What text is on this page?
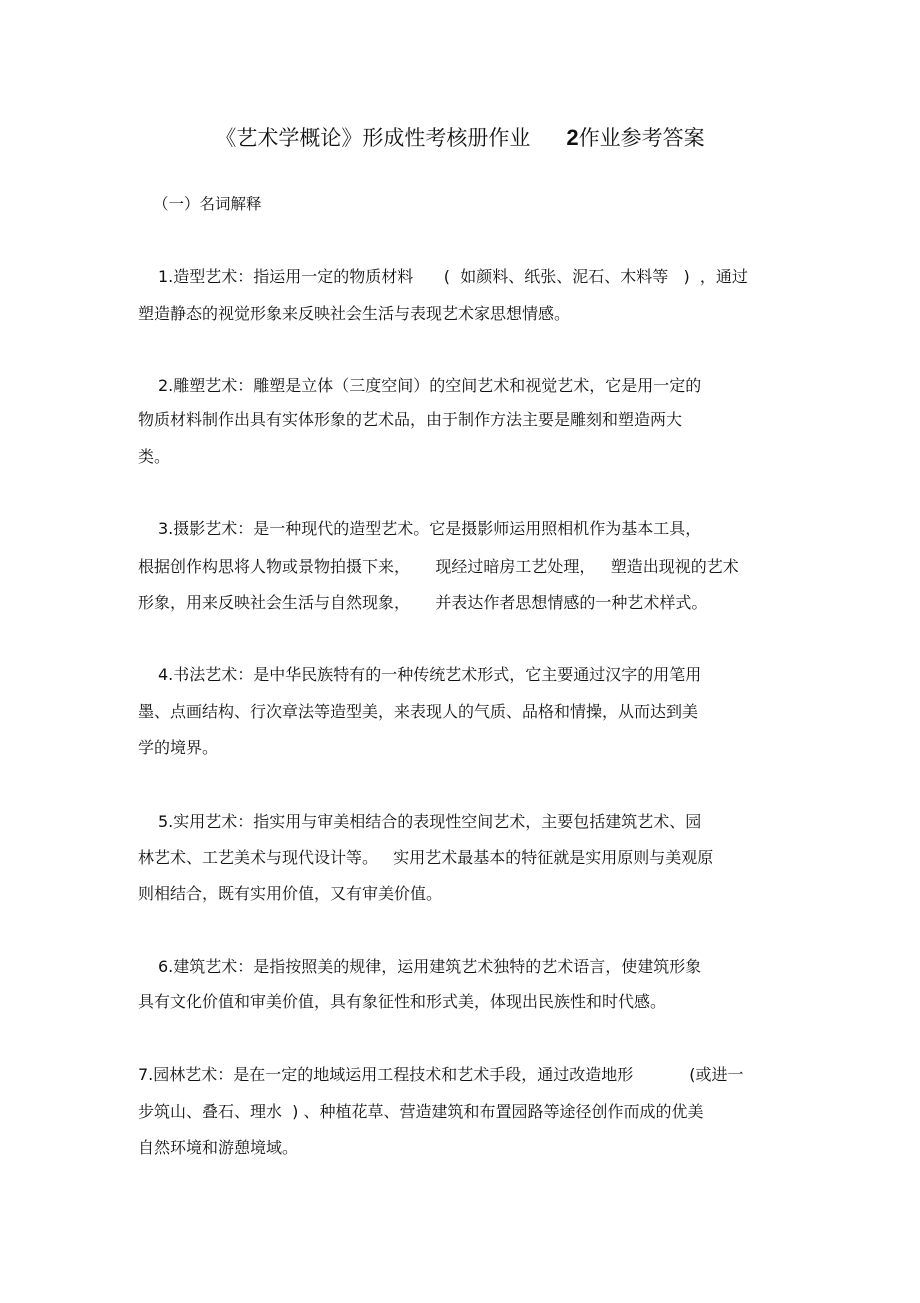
《艺术学概论》形成性考核册作业 2作业参考答案
（一）名词解释
1.造型艺术：指运用一定的物质材料      (  如颜料、纸张、泥石、木料等   )  ，通过
塑造静态的视觉形象来反映社会生活与表现艺术家思想情感。
2.雕塑艺术：雕塑是立体（三度空间）的空间艺术和视觉艺术，它是用一定的
物质材料制作出具有实体形象的艺术品，由于制作方法主要是雕刻和塑造两大
类。
3.摄影艺术：是一种现代的造型艺术。它是摄影师运用照相机作为基本工具，
根据创作构思将人物或景物拍摄下来，     现经过暗房工艺处理，   塑造出现视的艺术
形象，用来反映社会生活与自然现象，     并表达作者思想情感的一种艺术样式。
4.书法艺术：是中华民族特有的一种传统艺术形式，它主要通过汉字的用笔用
墨、点画结构、行次章法等造型美，来表现人的气质、品格和情操，从而达到美
学的境界。
5.实用艺术：指实用与审美相结合的表现性空间艺术，主要包括建筑艺术、园
林艺术、工艺美术与现代设计等。   实用艺术最基本的特征就是实用原则与美观原
则相结合，既有实用价值，又有审美价值。
6.建筑艺术：是指按照美的规律，运用建筑艺术独特的艺术语言，使建筑形象
具有文化价值和审美价值，具有象征性和形式美，体现出民族性和时代感。
7.园林艺术：是在一定的地域运用工程技术和艺术手段，通过改造地形           (或进一
步筑山、叠石、理水  ) 、种植花草、营造建筑和布置园路等途径创作而成的优美
自然环境和游憩境域。
